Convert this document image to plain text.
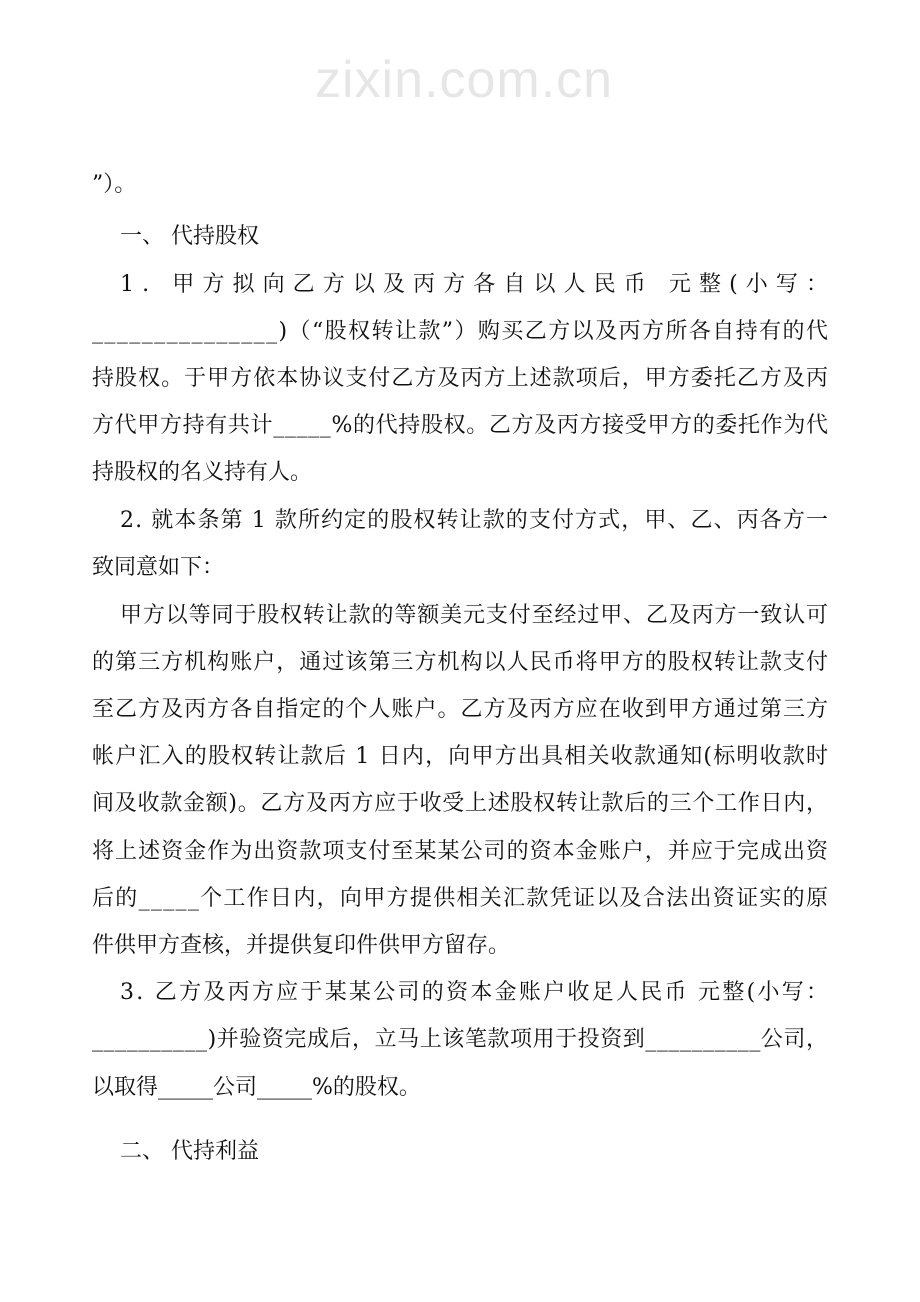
zixin.com.cn
”）。
一、 代持股权
1. 甲方拟向乙方以及丙方各自以人民币 元整(小写：
_______________)（“股权转让款”）购买乙方以及丙方所各自持有的代
持股权。于甲方依本协议支付乙方及丙方上述款项后，甲方委托乙方及丙
方代甲方持有共计_____%的代持股权。乙方及丙方接受甲方的委托作为代
持股权的名义持有人。
2. 就本条第 1 款所约定的股权转让款的支付方式，甲、乙、丙各方一
致同意如下：
甲方以等同于股权转让款的等额美元支付至经过甲、乙及丙方一致认可
的第三方机构账户，通过该第三方机构以人民币将甲方的股权转让款支付
至乙方及丙方各自指定的个人账户。乙方及丙方应在收到甲方通过第三方
帐户汇入的股权转让款后 1 日内，向甲方出具相关收款通知(标明收款时
间及收款金额)。乙方及丙方应于收受上述股权转让款后的三个工作日内，
将上述资金作为出资款项支付至某某公司的资本金账户，并应于完成出资
后的_____个工作日内，向甲方提供相关汇款凭证以及合法出资证实的原
件供甲方查核，并提供复印件供甲方留存。
3. 乙方及丙方应于某某公司的资本金账户收足人民币 元整(小写：
__________)并验资完成后，立马上该笔款项用于投资到__________公司，
以取得_____公司_____%的股权。
二、 代持利益
